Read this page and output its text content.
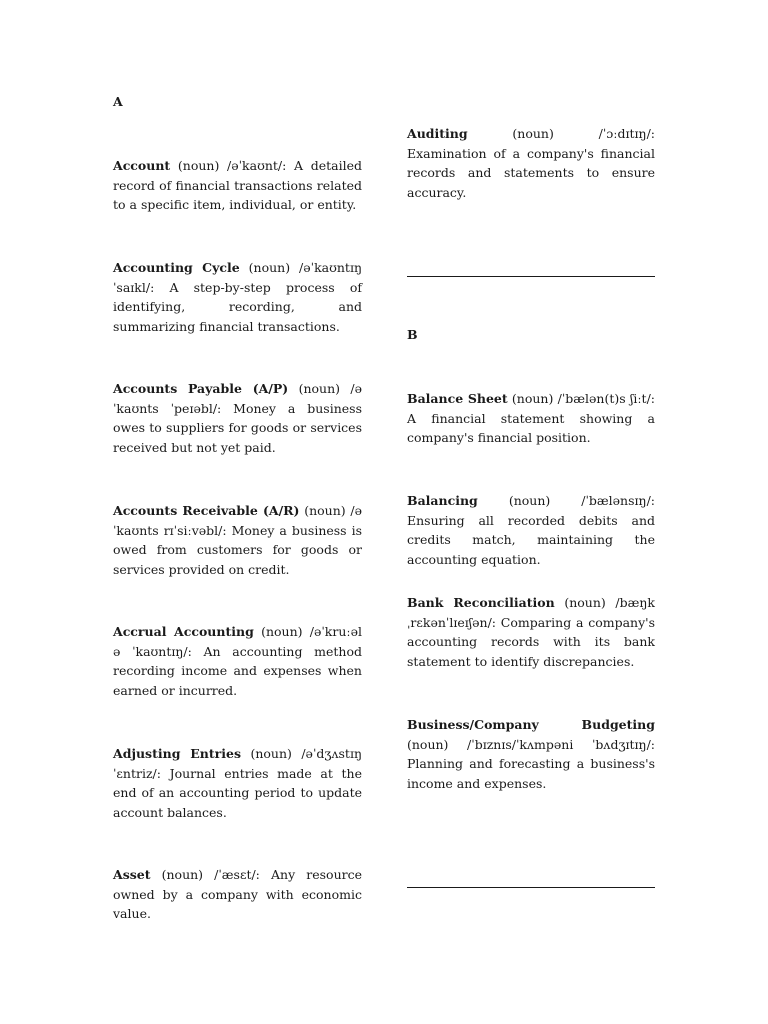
A

Account (noun) /əˈkaʊnt/: A detailed record of financial transactions related to a specific item, individual, or entity.

Accounting Cycle (noun) /əˈkaʊntɪŋ ˈsaɪkl/: A step-by-step process of identifying, recording, and summarizing financial transactions.

Accounts Payable (A/P) (noun) /ə ˈkaʊnts ˈpeɪəbl/: Money a business owes to suppliers for goods or services received but not yet paid.

Accounts Receivable (A/R) (noun) /ə ˈkaʊnts rɪˈsiːvəbl/: Money a business is owed from customers for goods or services provided on credit.

Accrual Accounting (noun) /əˈkruːəl ə ˈkaʊntɪŋ/: An accounting method recording income and expenses when earned or incurred.

Adjusting Entries (noun) /əˈdʒʌstɪŋ ˈɛntriz/: Journal entries made at the end of an accounting period to update account balances.

Asset (noun) /ˈæsɛt/: Any resource owned by a company with economic value.

Auditing (noun) /ˈɔːdɪtɪŋ/: Examination of a company's financial records and statements to ensure accuracy.

B

Balance Sheet (noun) /ˈbælən(t)s ʃiːt/: A financial statement showing a company's financial position.

Balancing (noun) /ˈbælənsɪŋ/: Ensuring all recorded debits and credits match, maintaining the accounting equation.

Bank Reconciliation (noun) /bæŋk ˌrɛkənˈlɪeɪʃən/: Comparing a company's accounting records with its bank statement to identify discrepancies.

Business/Company Budgeting (noun) /ˈbɪznɪs/ˈkʌmpəni ˈbʌdʒɪtɪŋ/: Planning and forecasting a business's income and expenses.
